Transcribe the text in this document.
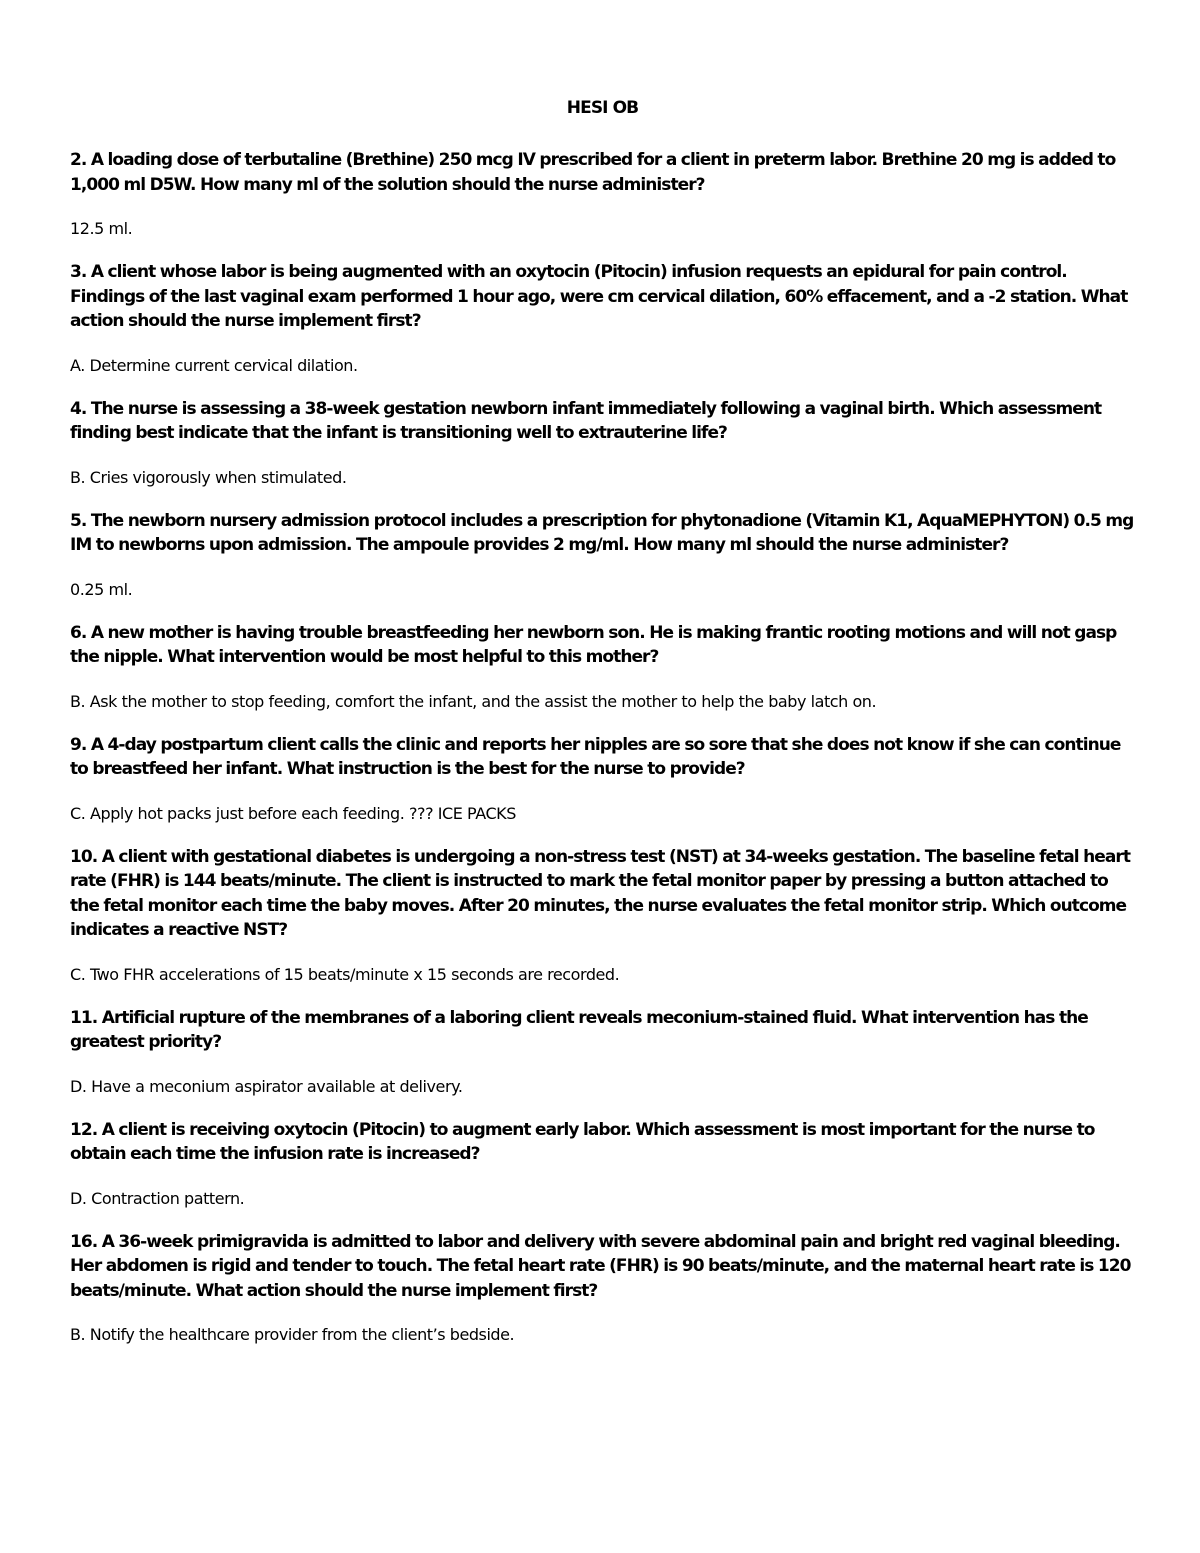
HESI OB
2. A loading dose of terbutaline (Brethine) 250 mcg IV prescribed for a client in preterm labor. Brethine 20 mg is added to 1,000 ml D5W. How many ml of the solution should the nurse administer?
12.5 ml.
3. A client whose labor is being augmented with an oxytocin (Pitocin) infusion requests an epidural for pain control. Findings of the last vaginal exam performed 1 hour ago, were cm cervical dilation, 60% effacement, and a -2 station. What action should the nurse implement first?
A. Determine current cervical dilation.
4. The nurse is assessing a 38-week gestation newborn infant immediately following a vaginal birth. Which assessment finding best indicate that the infant is transitioning well to extrauterine life?
B. Cries vigorously when stimulated.
5. The newborn nursery admission protocol includes a prescription for phytonadione (Vitamin K1, AquaMEPHYTON) 0.5 mg IM to newborns upon admission. The ampoule provides 2 mg/ml. How many ml should the nurse administer?
0.25 ml.
6. A new mother is having trouble breastfeeding her newborn son. He is making frantic rooting motions and will not gasp the nipple. What intervention would be most helpful to this mother?
B. Ask the mother to stop feeding, comfort the infant, and the assist the mother to help the baby latch on.
9. A 4-day postpartum client calls the clinic and reports her nipples are so sore that she does not know if she can continue to breastfeed her infant. What instruction is the best for the nurse to provide?
C. Apply hot packs just before each feeding. ??? ICE PACKS
10. A client with gestational diabetes is undergoing a non-stress test (NST) at 34-weeks gestation. The baseline fetal heart rate (FHR) is 144 beats/minute. The client is instructed to mark the fetal monitor paper by pressing a button attached to the fetal monitor each time the baby moves. After 20 minutes, the nurse evaluates the fetal monitor strip. Which outcome indicates a reactive NST?
C. Two FHR accelerations of 15 beats/minute x 15 seconds are recorded.
11. Artificial rupture of the membranes of a laboring client reveals meconium-stained fluid. What intervention has the greatest priority?
D. Have a meconium aspirator available at delivery.
12. A client is receiving oxytocin (Pitocin) to augment early labor. Which assessment is most important for the nurse to obtain each time the infusion rate is increased?
D. Contraction pattern.
16. A 36-week primigravida is admitted to labor and delivery with severe abdominal pain and bright red vaginal bleeding. Her abdomen is rigid and tender to touch. The fetal heart rate (FHR) is 90 beats/minute, and the maternal heart rate is 120 beats/minute. What action should the nurse implement first?
B. Notify the healthcare provider from the client’s bedside.
